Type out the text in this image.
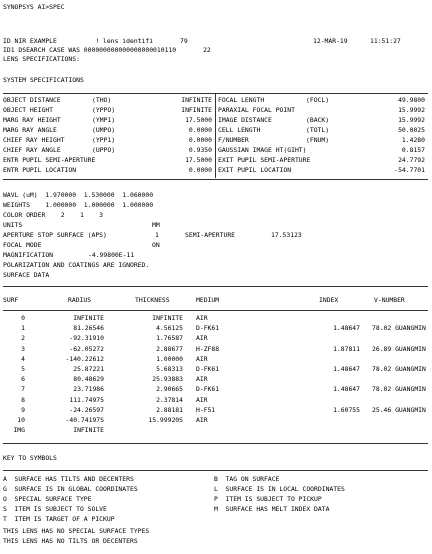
SYNOPSYS AI>SPEC
ID NIR EXAMPLE          ! lens identifi       79	12-MAR-19	11:51:27
ID1 DSEARCH CASE WAS 000000000000000000010110       22
LENS SPECIFICATIONS:
SYSTEM SPECIFICATIONS
OBJECT DISTANCE	(THO)	INFINITE FOCAL LENGTH	(FOCL)	49.9800
OBJECT HEIGHT	(YPPO)	INFINITE PARAXIAL FOCAL POINT	15.9992
MARG RAY HEIGHT	(YMP1)	17.5000 IMAGE DISTANCE	(BACK)	15.9992
MARG RAY ANGLE	(UMPO)	0.0000 CELL LENGTH	(TOTL)	50.0025
CHIEF RAY HEIGHT	(YPP1)	0.0000 F/NUMBER	(FNUM)	1.4280
CHIEF RAY ANGLE	(UPPO)	0.9350 GAUSSIAN IMAGE HT(GIHT)	0.8157
ENTR PUPIL SEMI-APERTURE	17.5000 EXIT PUPIL SEMI-APERTURE	24.7792
ENTR PUPIL LOCATION	0.0000 EXIT PUPIL LOCATION	-54.7701
WAVL (uM)  1.970000  1.530000  1.060000
WEIGHTS    1.000000  1.000000  1.000000
COLOR ORDER    2    1    3
UNITS	MM
APERTURE STOP SURFACE (APS)	1	SEMI-APERTURE	17.53123
FOCAL MODE	ON
MAGNIFICATION	-4.99800E-11
POLARIZATION AND COATINGS ARE IGNORED.
SURFACE DATA
SURF	RADIUS	THICKNESS	MEDIUM	INDEX	V-NUMBER
0	INFINITE	INFINITE AIR
1	81.26546	4.56125 D-FK61	1.48647 78.02 GUANGMIN
2	-92.31910	1.76587 AIR
3	-62.05272	2.88677 H-ZF88	1.87811 26.89 GUANGMIN
4	-140.22612	1.00000 AIR
5	25.87221	5.68313 D-FK61	1.48647 78.02 GUANGMIN
6	80.48629	25.93883 AIR
7	23.71986	2.90665 D-FK61	1.48647 78.02 GUANGMIN
8	111.74975	2.37814 AIR
9	-24.26597	2.88181 H-F51	1.60755 25.46 GUANGMIN
10	-40.74197S	15.99920S AIR
IMG	INFINITE
KEY TO SYMBOLS
A  SURFACE HAS TILTS AND DECENTERS	B  TAG ON SURFACE
G  SURFACE IS IN GLOBAL COORDINATES	L  SURFACE IS IN LOCAL COORDINATES
O  SPECIAL SURFACE TYPE	P  ITEM IS SUBJECT TO PICKUP
S  ITEM IS SUBJECT TO SOLVE	M  SURFACE HAS MELT INDEX DATA
T  ITEM IS TARGET OF A PICKUP
THIS LENS HAS NO SPECIAL SURFACE TYPES
THIS LENS HAS NO TILTS OR DECENTERS
